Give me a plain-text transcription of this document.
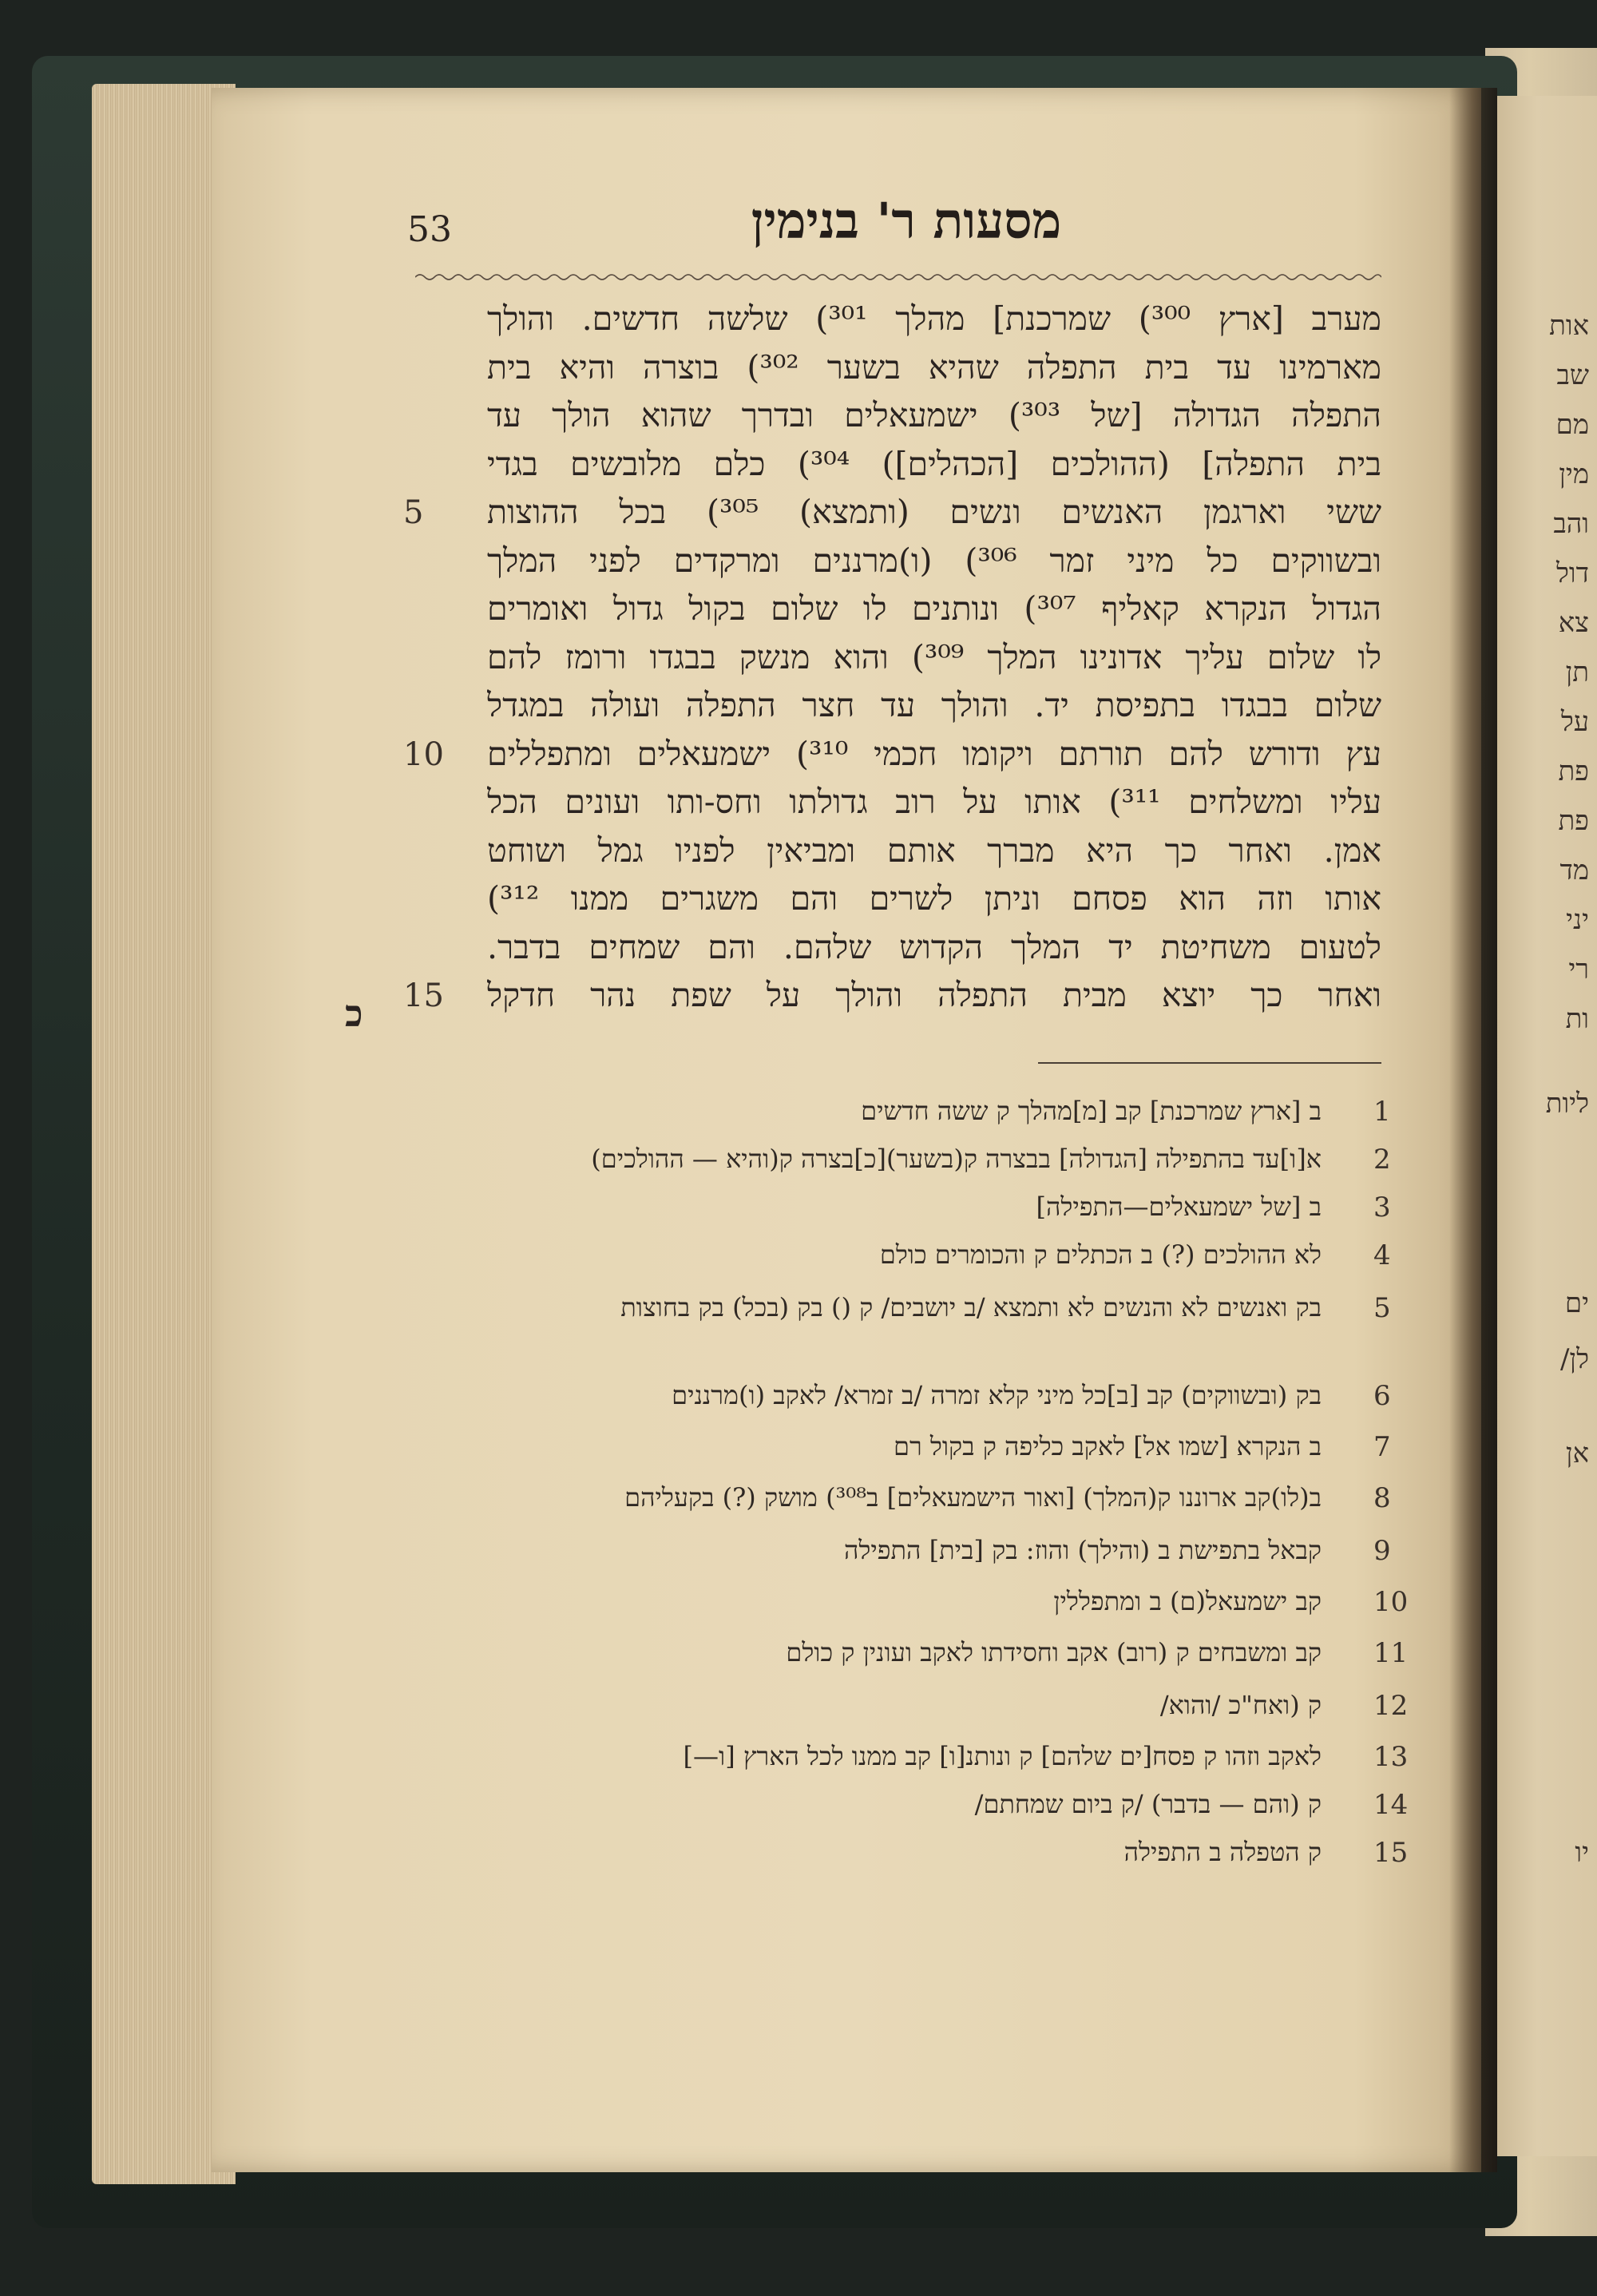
53	מסעות ר' בנימין
מערב [ארץ ³⁰⁰) שמרכנת] מהלך ³⁰¹) שלשה חדשים. והולך
מארמינו עד בית התפלה שהיא בשער ³⁰²) בוצרה והיא בית
התפלה הגדולה [של ³⁰³) ישמעאלים ובדרך שהוא הולך עד
בית התפלה] (ההולכים [הכהלים]) ³⁰⁴) כלם מלובשים בגדי
ששי וארגמן האנשים ונשים (ותמצא) ³⁰⁵) בכל ההוצות
5
ובשווקים כל מיני זמר ³⁰⁶) (ו)מרננים ומרקדים לפני המלך
הגדול הנקרא קאליף ³⁰⁷) ונותנים לו שלום בקול גדול ואומרים
לו שלום עליך אדונינו המלך ³⁰⁹) והוא מנשק בבגדו ורומז להם
שלום בבגדו בתפיסת יד. והולך עד חצר התפלה ועולה במגדל
עץ ודורש להם תורתם ויקומו חכמי ³¹⁰) ישמעאלים ומתפללים
10
עליו ומשלחים ³¹¹) אותו על רוב גדולתו וחס-ותו ועונים הכל
אמן. ואחר כך היא מברך אותם ומביאין לפניו גמל ושוחט
אותו וזה הוא פסחם וניתן לשרים והם משגרים ממנו ³¹²)
לטעום משחיטת יד המלך הקדוש שלהם. והם שמחים בדבר.
ואחר כך יוצא מבית התפלה והולך על שפת נהר חדקל
15
כ
1
ב [ארץ שמרכנת] קב [מ]מהלך ק ששה חדשים
2
א[ו]עד בהתפילה [הגדולה] בבצרה ק(בשער)[כ]בצרה ק(והיא — ההולכים)
3
ב [של ישמעאלים—התפילה]
4
לא ההולכים (?) ב הכתלים ק והכומרים כולם
5
בק ואנשים לא והנשים לא ותמצא /ב יושבים/ ק () בק (בכל) בק בחוצות
6
בק (ובשווקים) קב [ב]כל מיני קלא זמרה /ב זמרא/ לאקב (ו)מרננים
7
ב הנקרא [שמו אל] לאקב כליפה ק בקול רם
8
ב(לו)קב ארוננו ק(המלך) [ואור הישמעאלים] ב³⁰⁸) מושק (?) בקעליהם
9
קבאל בתפישת ב (והילך) והוז: בק [בית] התפילה
10
קב ישמעאל(ם) ב ומתפללין
11
קב ומשבחים ק (רוב) אקב וחסידתו לאקב ועונין ק כולם
12
ק (ואח"כ /והוא/
13
לאקב וזהו ק פסח[ים שלהם] ק ונותנ[ו] קב ממנו לכל הארץ [ו—]
14
ק (והם — בדבר) /ק ביום שמחתם/
15
ק הטפלה ב התפילה
אות
שב
מם
מין
והב
דול
צא
תן
על
פת
פת
מד
יני
רי
ות
ליות
ים
לן/
אן
יו
